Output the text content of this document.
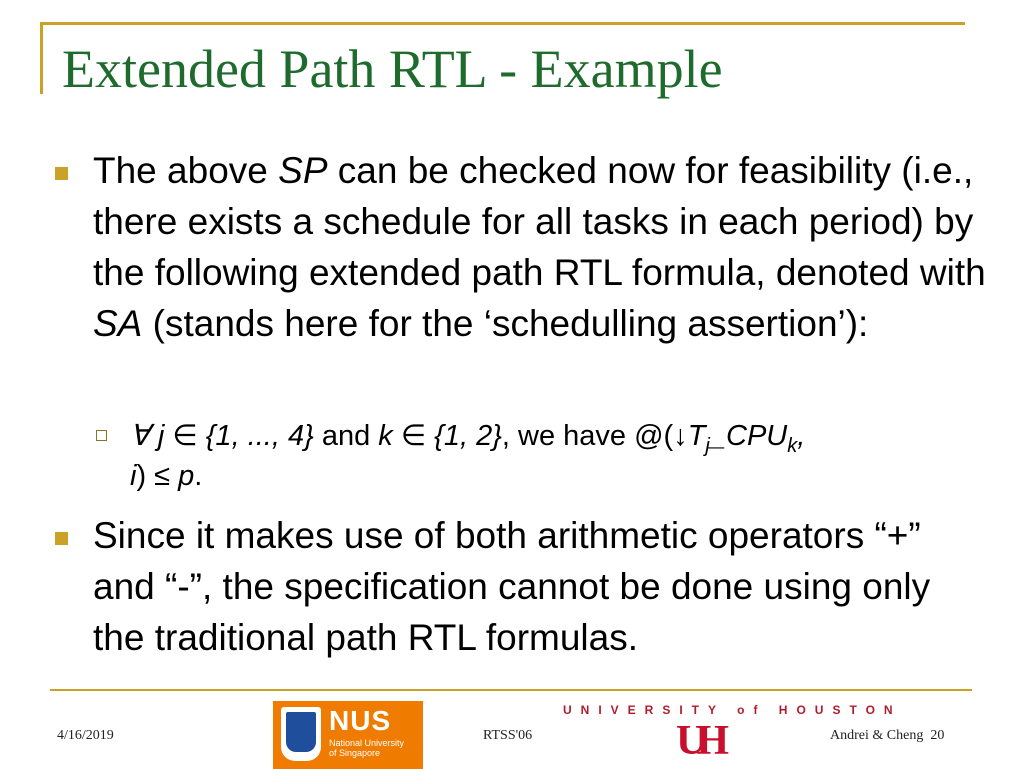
Extended Path RTL - Example
The above SP can be checked now for feasibility (i.e., there exists a schedule for all tasks in each period) by the following extended path RTL formula, denoted with SA (stands here for the ‘schedulling assertion’):
∀ j ∈ {1, ..., 4} and k ∈ {1, 2}, we have $@(↓T_j\_CPU_k$,
i) ≤ p.
Since it makes use of both arithmetic operators “+” and “-”, the specification cannot be done using only the traditional path RTL formulas.
4/16/2019	NUS
National University
of Singapore
RTSS'06
UNIVERSITY of HOUSTON
UH	Andrei & Cheng 20
